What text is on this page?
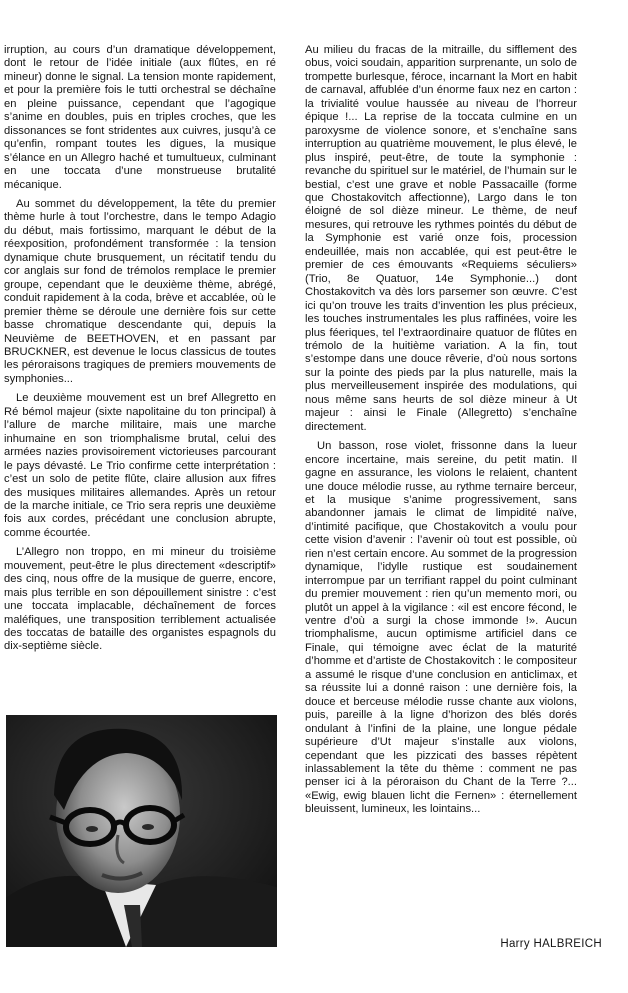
irruption, au cours d’un dramatique développement, dont le retour de l’idée initiale (aux flûtes, en ré mineur) donne le signal. La tension monte rapidement, et pour la première fois le tutti orchestral se déchaîne en pleine puissance, cependant que l’agogique s’anime en doubles, puis en triples croches, que les dissonances se font stridentes aux cuivres, jusqu’à ce qu’enfin, rompant toutes les digues, la musique s’élance en un Allegro haché et tumultueux, culminant en une toccata d’une monstrueuse brutalité mécanique.

Au sommet du développement, la tête du premier thème hurle à tout l’orchestre, dans le tempo Adagio du début, mais fortissimo, marquant le début de la réexposition, profondément transformée : la tension dynamique chute brusquement, un récitatif tendu du cor anglais sur fond de trémolos remplace le premier groupe, cependant que le deuxième thème, abrégé, conduit rapidement à la coda, brève et accablée, où le premier thème se déroule une dernière fois sur cette basse chromatique descendante qui, depuis la Neuvième de BEETHOVEN, et en passant par BRUCKNER, est devenue le locus classicus de toutes les péroraisons tragiques de premiers mouvements de symphonies...

Le deuxième mouvement est un bref Allegretto en Ré bémol majeur (sixte napolitaine du ton principal) à l’allure de marche militaire, mais une marche inhumaine en son triomphalisme brutal, celui des armées nazies provisoirement victorieuses parcourant le pays dévasté. Le Trio confirme cette interprétation : c’est un solo de petite flûte, claire allusion aux fifres des musiques militaires allemandes. Après un retour de la marche initiale, ce Trio sera repris une deuxième fois aux cordes, précédant une conclusion abrupte, comme écourtée.

L’Allegro non troppo, en mi mineur du troisième mouvement, peut-être le plus directement «descriptif» des cinq, nous offre de la musique de guerre, encore, mais plus terrible en son dépouillement sinistre : c’est une toccata implacable, déchaînement de forces maléfiques, une transposition terriblement actualisée des toccatas de bataille des organistes espagnols du dix-septième siècle.

Au milieu du fracas de la mitraille, du sifflement des obus, voici soudain, apparition surprenante, un solo de trompette burlesque, féroce, incarnant la Mort en habit de carnaval, affublée d’un énorme faux nez en carton : la trivialité voulue haussée au niveau de l’horreur épique !... La reprise de la toccata culmine en un paroxysme de violence sonore, et s’enchaîne sans interruption au quatrième mouvement, le plus élevé, le plus inspiré, peut-être, de toute la symphonie : revanche du spirituel sur le matériel, de l’humain sur le bestial, c’est une grave et noble Passacaille (forme que Chostakovitch affectionne), Largo dans le ton éloigné de sol dièze mineur. Le thème, de neuf mesures, qui retrouve les rythmes pointés du début de la Symphonie est varié onze fois, procession endeuillée, mais non accablée, qui est peut-être le premier de ces émouvants «Requiems séculiers» (Trio, 8e Quatuor, 14e Symphonie...) dont Chostakovitch va dès lors parsemer son œuvre. C’est ici qu’on trouve les traits d’invention les plus précieux, les touches instrumentales les plus raffinées, voire les plus féeriques, tel l’extraordinaire quatuor de flûtes en trémolo de la huitième variation. A la fin, tout s’estompe dans une douce rêverie, d’où nous sortons sur la pointe des pieds par la plus naturelle, mais la plus merveilleusement inspirée des modulations, qui nous même sans heurts de sol dièze mineur à Ut majeur : ainsi le Finale (Allegretto) s’enchaîne directement.

Un basson, rose violet, frissonne dans la lueur encore incertaine, mais sereine, du petit matin. Il gagne en assurance, les violons le relaient, chantent une douce mélodie russe, au rythme ternaire berceur, et la musique s’anime progressivement, sans abandonner jamais le climat de limpidité naïve, d’intimité pacifique, que Chostakovitch a voulu pour cette vision d’avenir : l’avenir où tout est possible, où rien n’est certain encore. Au sommet de la progression dynamique, l’idylle rustique est soudainement interrompue par un terrifiant rappel du point culminant du premier mouvement : rien qu’un memento mori, ou plutôt un appel à la vigilance : «il est encore fécond, le ventre d’où a surgi la chose immonde !». Aucun triomphalisme, aucun optimisme artificiel dans ce Finale, qui témoigne avec éclat de la maturité d’homme et d’artiste de Chostakovitch : le compositeur a assumé le risque d’une conclusion en anticlimax, et sa réussite lui a donné raison : une dernière fois, la douce et berceuse mélodie russe chante aux violons, puis, pareille à la ligne d’horizon des blés dorés ondulant à l’infini de la plaine, une longue pédale supérieure d’Ut majeur s’installe aux violons, cependant que les pizzicati des basses répètent inlassablement la tête du thème : comment ne pas penser ici à la péroraison du Chant de la Terre ?... «Ewig, ewig blauen licht die Fernen» : éternellement bleuissent, lumineux, les lointains...

Harry HALBREICH
